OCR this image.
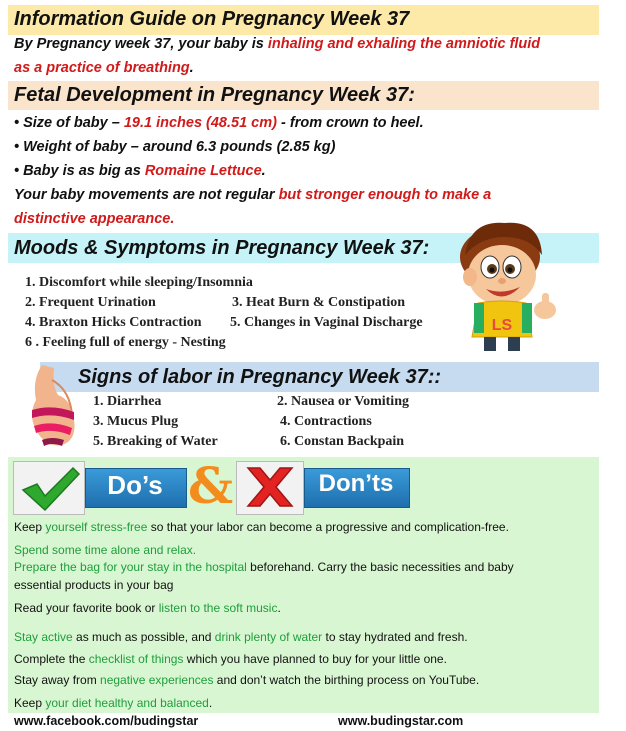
Information Guide on Pregnancy Week 37
By Pregnancy week 37, your baby is inhaling and exhaling the amniotic fluid
as a practice of breathing.
Fetal Development in Pregnancy Week 37:
• Size of baby – 19.1 inches (48.51 cm) - from crown to heel.
• Weight of baby – around 6.3 pounds (2.85 kg)
• Baby is as big as Romaine Lettuce.
Your baby movements are not regular but stronger enough to make a
distinctive appearance.
Moods & Symptoms in Pregnancy Week 37:
1. Discomfort while sleeping/Insomnia
2. Frequent Urination	3. Heat Burn & Constipation
4. Braxton Hicks Contraction 5. Changes in Vaginal Discharge
6 . Feeling full of energy - Nesting
LS
Signs of labor in Pregnancy Week 37::
1. Diarrhea	2. Nausea or Vomiting
3. Mucus Plug	4. Contractions
5. Breaking of Water	6. Constan Backpain
Do’s &	Don’ts
Keep yourself stress-free so that your labor can become a progressive and complication-free.
Spend some time alone and relax.
Prepare the bag for your stay in the hospital beforehand. Carry the basic necessities and baby
essential products in your bag
Read your favorite book or listen to the soft music.
Stay active as much as possible, and drink plenty of water to stay hydrated and fresh.
Complete the checklist of things which you have planned to buy for your little one.
Stay away from negative experiences and don’t watch the birthing process on YouTube.
Keep your diet healthy and balanced.
www.facebook.com/budingstar	www.budingstar.com
